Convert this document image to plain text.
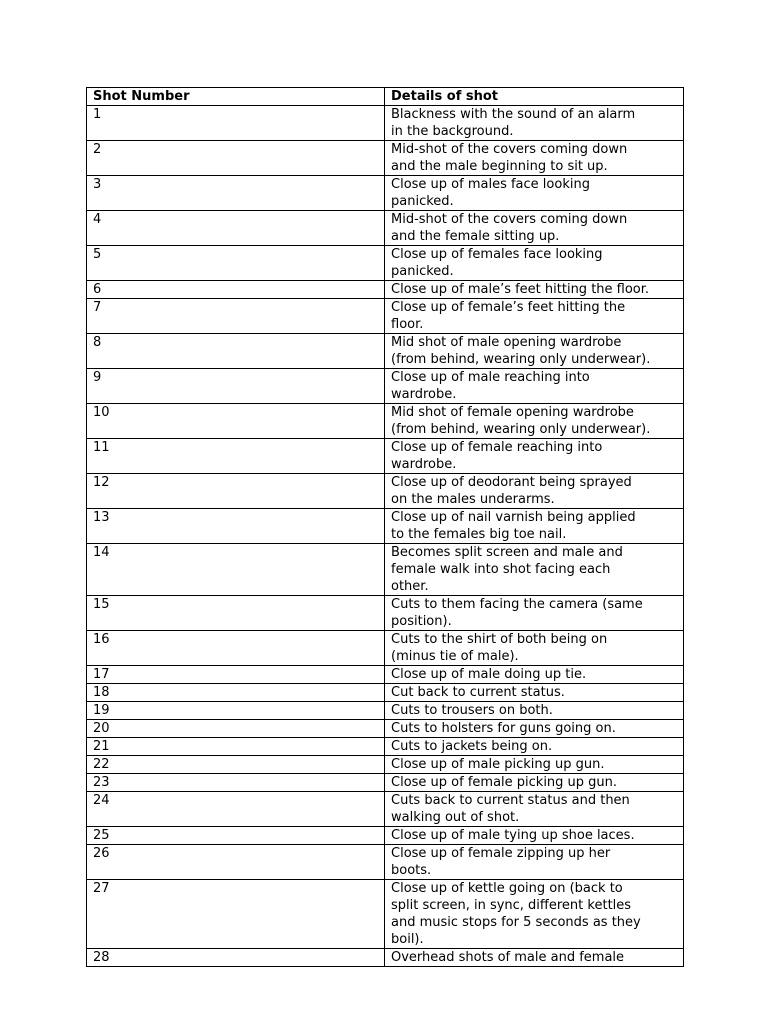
Shot Number	Details of shot
1	Blackness with the sound of an alarm
in the background.
2	Mid-shot of the covers coming down
and the male beginning to sit up.
3	Close up of males face looking
panicked.
4	Mid-shot of the covers coming down
and the female sitting up.
5	Close up of females face looking
panicked.
6	Close up of male’s feet hitting the floor.
7	Close up of female’s feet hitting the
floor.
8	Mid shot of male opening wardrobe
(from behind, wearing only underwear).
9	Close up of male reaching into
wardrobe.
10	Mid shot of female opening wardrobe
(from behind, wearing only underwear).
11	Close up of female reaching into
wardrobe.
12	Close up of deodorant being sprayed
on the males underarms.
13	Close up of nail varnish being applied
to the females big toe nail.
14	Becomes split screen and male and
female walk into shot facing each
other.
15	Cuts to them facing the camera (same
position).
16	Cuts to the shirt of both being on
(minus tie of male).
17	Close up of male doing up tie.
18	Cut back to current status.
19	Cuts to trousers on both.
20	Cuts to holsters for guns going on.
21	Cuts to jackets being on.
22	Close up of male picking up gun.
23	Close up of female picking up gun.
24	Cuts back to current status and then
walking out of shot.
25	Close up of male tying up shoe laces.
26	Close up of female zipping up her
boots.
27	Close up of kettle going on (back to
split screen, in sync, different kettles
and music stops for 5 seconds as they
boil).
28	Overhead shots of male and female
